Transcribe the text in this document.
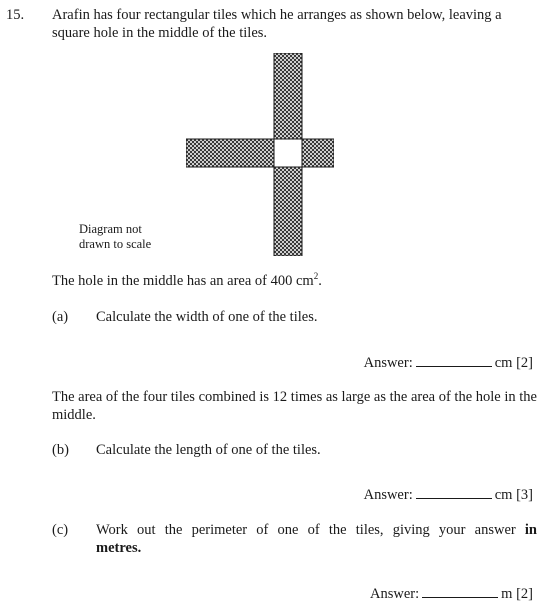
15. Arafin has four rectangular tiles which he arranges as shown below, leaving a square hole in the middle of the tiles.
Diagram not
drawn to scale
The hole in the middle has an area of 400 $cm^2$.
(a) Calculate the width of one of the tiles.
Answer:	cm [2]
The area of the four tiles combined is 12 times as large as the area of the hole in the middle.
(b) Calculate the length of one of the tiles.
Answer:	cm [3]
(c) Work out the perimeter of one of the tiles, giving your answer in
metres.
Answer:	m [2]
